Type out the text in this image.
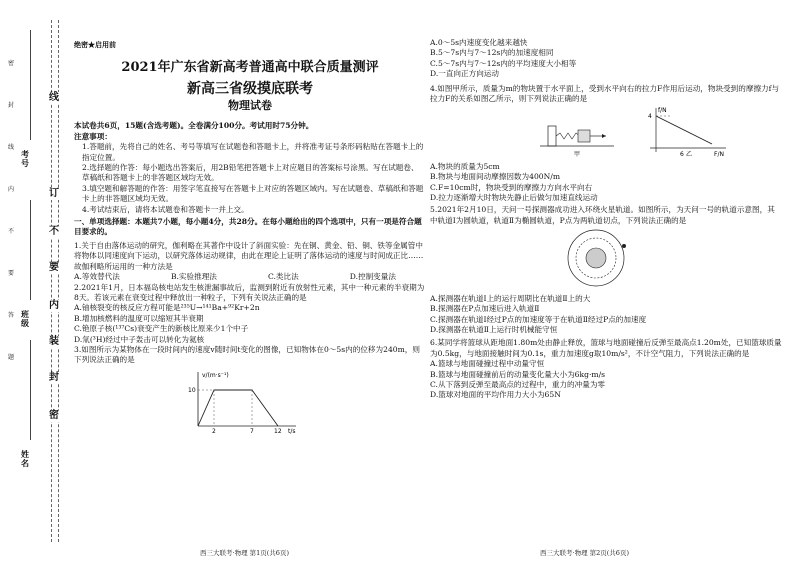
线
订
不
要
内
装
封
密
考号
班级
姓名
密
封
线
内
不
要
答
题
绝密★启用前
2021年广东省新高考普通高中联合质量测评
新高三省级摸底联考
物理试卷
本试卷共6页，15题(含选考题)。全卷满分100分。考试用时75分钟。
注意事项：
1.答题前，先将自己的姓名、考号等填写在试题卷和答题卡上，并将准考证号条形码粘贴在答题卡上的指定位置。
2.选择题的作答：每小题选出答案后，用2B铅笔把答题卡上对应题目的答案标号涂黑。写在试题卷、草稿纸和答题卡上的非答题区域均无效。
3.填空题和解答题的作答：用签字笔直接写在答题卡上对应的答题区域内。写在试题卷、草稿纸和答题卡上的非答题区域均无效。
4.考试结束后，请将本试题卷和答题卡一并上交。
一、单项选择题：本题共7小题，每小题4分，共28分。在每小题给出的四个选项中，只有一项是符合题目要求的。
1.关于自由落体运动的研究，伽利略在其著作中设计了斜面实验：先在铜、黄金、铅、铜、铁等金属管中将物体以同速度向下运动，以研究落体运动规律，由此在理论上证明了落体运动的速度与时间成正比……故伽利略所运用的一种方法是
A.等效替代法	B.实验推理法	C.类比法	D.控制变量法
2.2021年1月，日本福岛核电站发生核泄漏事故后，监测到附近有放射性元素，其中一种元素的半衰期为8天。若该元素在衰变过程中释放出一种粒子，下列有关说法正确的是
A.铀核裂变的核反应方程可能是²³⁵U→¹⁴¹Ba+⁹²Kr+2n
B.增加核燃料的温度可以缩短其半衰期
C.铯原子核(¹³⁷Cs)衰变产生的新核比原来少1个中子
D.氚(³H)经过中子轰击可以转化为氦核
3.如图所示为某物体在一段时间内的速度v随时间t变化的图像，已知物体在0～5s内的位移为240m，则下列说法正确的是
v/(m·s⁻¹)
t/s
10
2	7	12
西三大联考·物理 第1页(共6页)
A.0～5s内速度变化越来越快
B.5～7s内与7～12s内的加速度相同
C.5～7s内与7～12s内的平均速度大小相等
D.一直向正方向运动
4.如图甲所示，质量为m的物块置于水平面上，受到水平向右的拉力F作用后运动，物块受到的摩擦力f与拉力F的关系如图乙所示，则下列说法正确的是
甲
f/N
F/N
4
6 乙
A.物块的质量为5cm
B.物块与地面间动摩擦因数为400N/m
C.F=10cm时，物块受到的摩擦力方向水平向右
D.拉力逐渐增大时物块先静止后做匀加速直线运动
5.2021年2月10日，天问一号探测器成功进入环绕火星轨道。如图所示，为天问一号的轨道示意图，其中轨道Ⅰ为圆轨道，轨道Ⅱ为椭圆轨道，P点为两轨道切点，下列说法正确的是
A.探测器在轨道Ⅰ上的运行周期比在轨道Ⅱ上的大
B.探测器在P点加速后进入轨道Ⅱ
C.探测器在轨道Ⅰ经过P点的加速度等于在轨道Ⅱ经过P点的加速度
D.探测器在轨道Ⅱ上运行时机械能守恒
6.某同学将篮球从距地面1.80m处由静止释放，篮球与地面碰撞后反弹至最高点1.20m处，已知篮球质量为0.5kg，与地面接触时间为0.1s，重力加速度g取10m/s²，不计空气阻力，下列说法正确的是
A.篮球与地面碰撞过程中动量守恒
B.篮球与地面碰撞前后的动量变化量大小为6kg·m/s
C.从下落到反弹至最高点的过程中，重力的冲量为零
D.篮球对地面的平均作用力大小为65N
西三大联考·物理 第2页(共6页)
